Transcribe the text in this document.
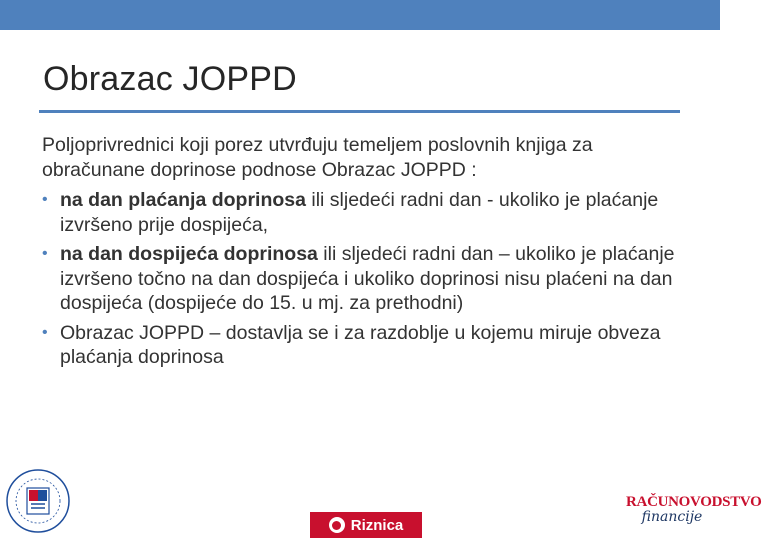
Obrazac JOPPD

Poljoprivrednici koji porez utvrđuju temeljem poslovnih knjiga za obračunane doprinose podnose Obrazac JOPPD :

• na dan plaćanja doprinosa ili sljedeći radni dan - ukoliko je plaćanje izvršeno prije dospijeća,
• na dan dospijeća doprinosa ili sljedeći radni dan – ukoliko je plaćanje izvršeno točno na dan dospijeća i ukoliko doprinosi nisu plaćeni na dan dospijeća (dospijeće do 15. u mj. za prethodni)
• Obrazac JOPPD – dostavlja se i za razdoblje u kojemu miruje obveza plaćanja doprinosa
Riznica
RAČUNOVODSTVO
financije
